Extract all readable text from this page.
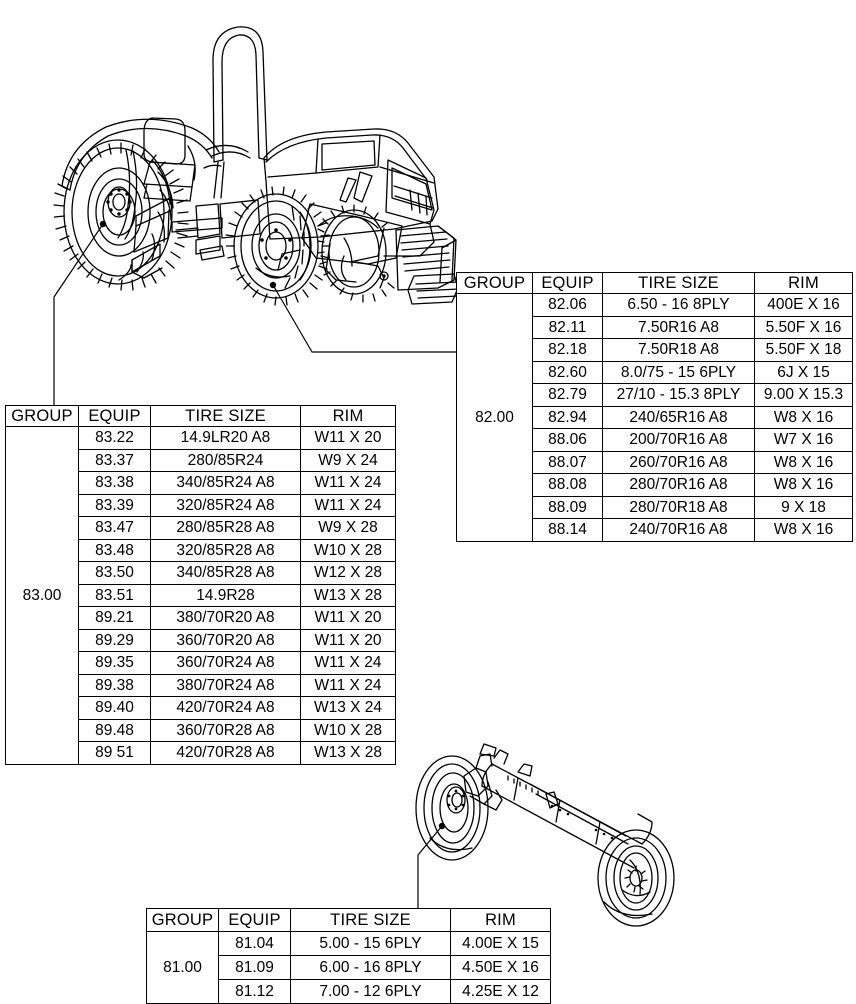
GROUP	EQUIP	TIRE SIZE	RIM
82.00	82.06	6.50 - 16 8PLY	400E X 16
	82.11	7.50R16 A8	5.50F X 16
	82.18	7.50R18 A8	5.50F X 18
	82.60	8.0/75 - 15 6PLY	6J X 15
	82.79	27/10 - 15.3 8PLY	9.00 X 15.3
	82.94	240/65R16 A8	W8 X 16
	88.06	200/70R16 A8	W7 X 16
	88.07	260/70R16 A8	W8 X 16
	88.08	280/70R16 A8	W8 X 16
	88.09	280/70R18 A8	9 X 18
	88.14	240/70R16 A8	W8 X 16
GROUP	EQUIP	TIRE SIZE	RIM
83.00	83.22	14.9LR20 A8	W11 X 20
	83.37	280/85R24	W9 X 24
	83.38	340/85R24 A8	W11 X 24
	83.39	320/85R24 A8	W11 X 24
	83.47	280/85R28 A8	W9 X 28
	83.48	320/85R28 A8	W10 X 28
	83.50	340/85R28 A8	W12 X 28
	83.51	14.9R28	W13 X 28
	89.21	380/70R20 A8	W11 X 20
	89.29	360/70R20 A8	W11 X 20
	89.35	360/70R24 A8	W11 X 24
	89.38	380/70R24 A8	W11 X 24
	89.40	420/70R24 A8	W13 X 24
	89.48	360/70R28 A8	W10 X 28
	89 51	420/70R28 A8	W13 X 28
GROUP	EQUIP	TIRE SIZE	RIM
81.00	81.04	5.00 - 15 6PLY	4.00E X 15
	81.09	6.00 - 16 8PLY	4.50E X 16
	81.12	7.00 - 12 6PLY	4.25E X 12
